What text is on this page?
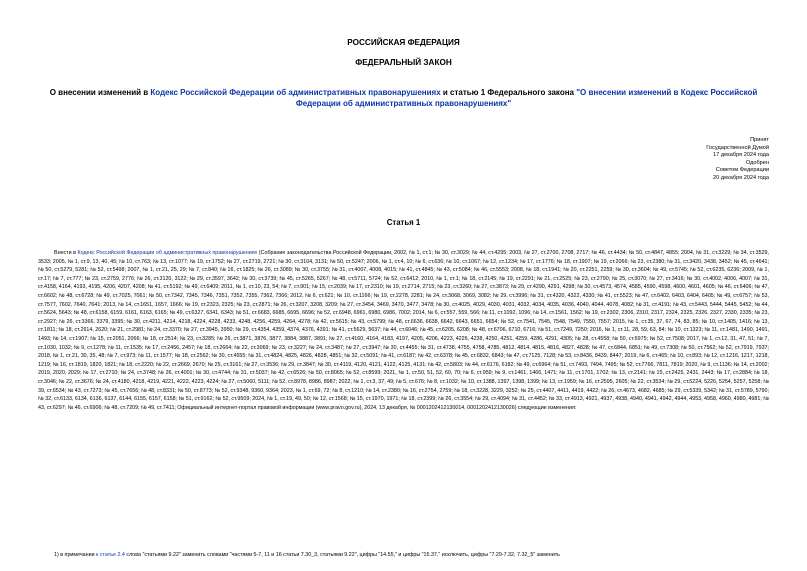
РОССИЙСКАЯ ФЕДЕРАЦИЯ
ФЕДЕРАЛЬНЫЙ ЗАКОН
О внесении изменений в Кодекс Российской Федерации об административных правонарушениях и статью 1 Федерального закона "О внесении изменений в Кодекс Российской Федерации об административных правонарушениях"
Принят
Государственной Думой
17 декабря 2024 года
Одобрен
Советом Федерации
20 декабря 2024 года
Статья 1
Внести в Кодекс Российской Федерации об административных правонарушениях (Собрание законодательства Российской Федерации, 2002, № 1, ст.1; № 30, ст.3029; № 44, ст.4295; 2003, № 27, ст.2700, 2708, 2717; № 46, ст.4434; № 50, ст.4847, 4855; 2004, № 31, ст.3229; № 34, ст.3529, 3533; 2005, № 1, ст.9, 13, 40, 45; № 10, ст.763; № 13, ст.1077; № 19, ст.1752; № 27, ст.2719, 2721; № 30, ст.3104, 3131; № 50, ст.5247; 2006, № 1, ст.4, 10; № 6, ст.636; № 10, ст.1067; № 12, ст.1234; № 17, ст.1776; № 18, ст.1907; № 19, ст.2066; № 23, ст.2380; № 31, ст.3420, 3438, 3452; № 45, ст.4641; № 50, ст.5279, 5281; № 52, ст.5498; 2007, № 1, ст.21, 25, 29; № 7, ст.840; № 16, ст.1825; № 26, ст.3089; № 30, ст.3755; № 31, ст.4007, 4008, 4015; № 41, ст.4845; № 43, ст.5084; № 46, ст.5553; 2008, № 18, ст.1941; № 20, ст.2251, 2259; № 30, ст.3604; № 49, ст.5745; № 52, ст.6235, 6236; 2009, № 1, ст.17; № 7, ст.777; № 23, ст.2759, 2776; № 26, ст.3120, 3122; № 29, ст.3597, 3642; № 30, ст.3739; № 45, ст.5265, 5267; № 48, ст.5711, 5724; № 52, ст.6412; 2010, № 1, ст.1; № 18, ст.2145; № 19, ст.2291; № 21, ст.2525; № 23, ст.2790; № 25, ст.3070; № 27, ст.3416; № 30, ст.4002, 4006, 4007; № 31, ст.4158, 4164, 4193, 4195, 4206, 4207, 4208; № 41, ст.5192; № 49, ст.6409; 2011, № 1, ст.10, 23, 54; № 7, ст.901; № 15, ст.2039; № 17, ст.2310; № 19, ст.2714, 2715; № 23, ст.3260; № 27, ст.3873; № 29, ст.4290, 4291, 4298; № 30, ст.4573, 4574, 4585, 4590, 4598, 4600, 4601, 4605; № 46, ст.6406; № 47, ст.6602; № 48, ст.6728; № 49, ст.7025, 7061; № 50, ст.7342, 7345, 7346, 7351, 7352, 7355, 7362, 7366; 2012, № 6, ст.621; № 10, ст.1166; № 19, ст.2278, 2281; № 24, ст.3068, 3069, 3082; № 29, ст.3996; № 31, ст.4320, 4322, 4330; № 41, ст.5523; № 47, ст.6402, 6403, 6404, 6405; № 49, ст.6757; № 53, ст.7577, 7602, 7640, 7641; 2013, № 14, ст.1651, 1657, 1666; № 19, ст.2323, 2325; № 23, ст.2871; № 26, ст.3207, 3208, 3209; № 27, ст.3454, 3469, 3470, 3477, 3478; № 30, ст.4025, 4029, 4030, 4031, 4032, 4034, 4035, 4036, 4040, 4044, 4078, 4082; № 31, ст.4191; № 43, ст.5443, 5444, 5445, 5452; № 44, ст.5624, 5643; № 48, ст.6158, 6159, 6161, 6163, 6165; № 49, ст.6327, 6341, 6343; № 51, ст.6683, 6685, 6695, 6696; № 52, ст.6948, 6961, 6980, 6986, 7002; 2014, № 6, ст.557, 559, 566; № 11, ст.1092, 1096; № 14, ст.1561, 1562; № 19, ст.2302, 2306, 2310, 2317, 2324, 2325, 2326, 2327, 2330, 2335; № 23, ст.2927; № 26, ст.3366, 3379, 3395; № 30, ст.4211, 4214, 4218, 4224, 4228, 4233, 4248, 4256, 4259, 4264, 4278; № 42, ст.5615; № 43, ст.5799; № 48, ст.6636, 6638, 6642, 6643, 6651, 6654; № 52, ст.7541, 7545, 7548, 7549, 7550, 7557; 2015, № 1, ст.35, 37, 67, 74, 83, 85; № 10, ст.1405, 1416; № 13, ст.1811; № 18, ст.2614, 2620; № 21, ст.2981; № 24, ст.3370; № 27, ст.3945, 3950; № 29, ст.4354, 4359, 4374, 4376, 4391; № 41, ст.5629, 5637; № 44, ст.6046; № 45, ст.6205, 6208; № 48, ст.6706, 6710, 6716; № 51, ст.7249, 7250; 2016, № 1, ст.11, 28, 59, 63, 84; № 10, ст.1323; № 11, ст.1481, 1490, 1491, 1493; № 14, ст.1907; № 15, ст.2051, 2066; № 18, ст.2514; № 23, ст.3285; № 26, ст.3871, 3876, 3877, 3884, 3887, 3891; № 27, ст.4160, 4164, 4183, 4197, 4205, 4206, 4223, 4226, 4238, 4250, 4251, 4259, 4286, 4291, 4305; № 28, ст.4558; № 50, ст.6975; № 52, ст.7508; 2017, № 1, ст.12, 31, 47, 51; № 7, ст.1030, 1032; № 9, ст.1278; № 11, ст.1535; № 17, ст.2456, 2457; № 18, ст.2664; № 22, ст.3069; № 23, ст.3227; № 24, ст.3487; № 27, ст.3947; № 30, ст.4455; № 31, ст.4738, 4755, 4758, 4785, 4812, 4814, 4815, 4816, 4827, 4828; № 47, ст.6844, 6851; № 49, ст.7308; № 50, ст.7562; № 52, ст.7919, 7937; 2018, № 1, ст.21, 30, 35, 48; № 7, ст.973; № 11, ст.1577; № 18, ст.2562; № 30, ст.4555; № 31, ст.4824, 4825, 4826, 4828, 4851; № 32, ст.5091; № 41, ст.6187; № 42, ст.6378; № 45, ст.6832, 6843; № 47, ст.7125, 7128; № 53, ст.8436, 8439, 8447; 2019, № 6, ст.465; № 10, ст.893; № 12, ст.1216, 1217, 1218, 1219; № 16, ст.1819, 1820, 1821; № 18, ст.2220; № 22, ст.2669, 2670; № 25, ст.3161; № 27, ст.3536; № 29, ст.3847; № 30, ст.4119, 4120, 4121, 4122, 4125, 4131; № 42, ст.5803; № 44, ст.6176, 6182; № 49, ст.6964; № 51, ст.7493, 7494, 7495; № 52, ст.7766, 7811, 7819; 2020, № 9, ст.1136; № 14, ст.2002; 2019, 2020, 2029; № 17, ст.2710; № 24, ст.3748; № 26, ст.4001; № 30, ст.4744; № 31, ст.5037; № 42, ст.6526; № 50, ст.8065; № 52, ст.8599; 2021, № 1, ст.50, 51, 52, 60, 70; № 6, ст.959; № 9, ст.1461, 1466, 1471; № 11, ст.1701, 1702; № 13, ст.2141; № 15, ст.2425, 2431, 2443; № 17, ст.2884; № 18, ст.3046; № 22, ст.3676; № 24, ст.4180, 4218, 4219, 4221, 4222, 4223, 4224; № 27, ст.5060, 5111; № 52, ст.8978, 8986, 8987; 2022, № 1, ст.3, 37, 49; № 5, ст.676; № 8, ст.1032; № 10, ст.1388, 1397, 1398, 1399; № 13, ст.1959; № 16, ст.2595, 2605; № 22, ст.3534; № 29, ст.5224, 5226, 5254, 5257, 5258; № 39, ст.6534; № 43, ст.7273; № 45, ст.7656; № 48, ст.8331; № 50, ст.8773; № 52, ст.9348, 9360, 9364; 2023, № 1, ст.69, 72; № 8, ст.1210; № 14, ст.2380; № 16, ст.2754, 2759; № 18, ст.3228, 3229, 3252; № 25, ст.4407, 4411, 4419, 4422; № 26, ст.4673, 4682, 4685; № 29, ст.5339, 5342; № 31, ст.5789, 5790; № 32, ст.6133, 6134, 6136, 6137, 6144, 6155, 6157, 6158; № 51, ст.9162; № 52, ст.9509; 2024, № 1, ст.19, 49, 50; № 12, ст.1568; № 15, ст.1970, 1971; № 18, ст.2399; № 26, ст.3554; № 29, ст.4094; № 31, ст.4452; № 33, ст.4913, 4921, 4937, 4938, 4940, 4941, 4942, 4944, 4953, 4958, 4960, 4980, 4981; № 43, ст.6297; № 46, ст.6906; № 48, ст.7209; № 49, ст.7411; Официальный интернет-портал правовой информации (www.pravo.gov.ru), 2024, 13 декабря, № 0001202412130014, 0001202412130026) следующие изменения:
1) в примечании к статье 2.4 слова "статьями 9.22" заменить словами "частями 5-7, 11 и 16 статьи 7.30_3, статьями 9.22", цифры "14.55," и цифры "15.37," исключить, цифры "7.29-7.32, 7.32_5" заменить
